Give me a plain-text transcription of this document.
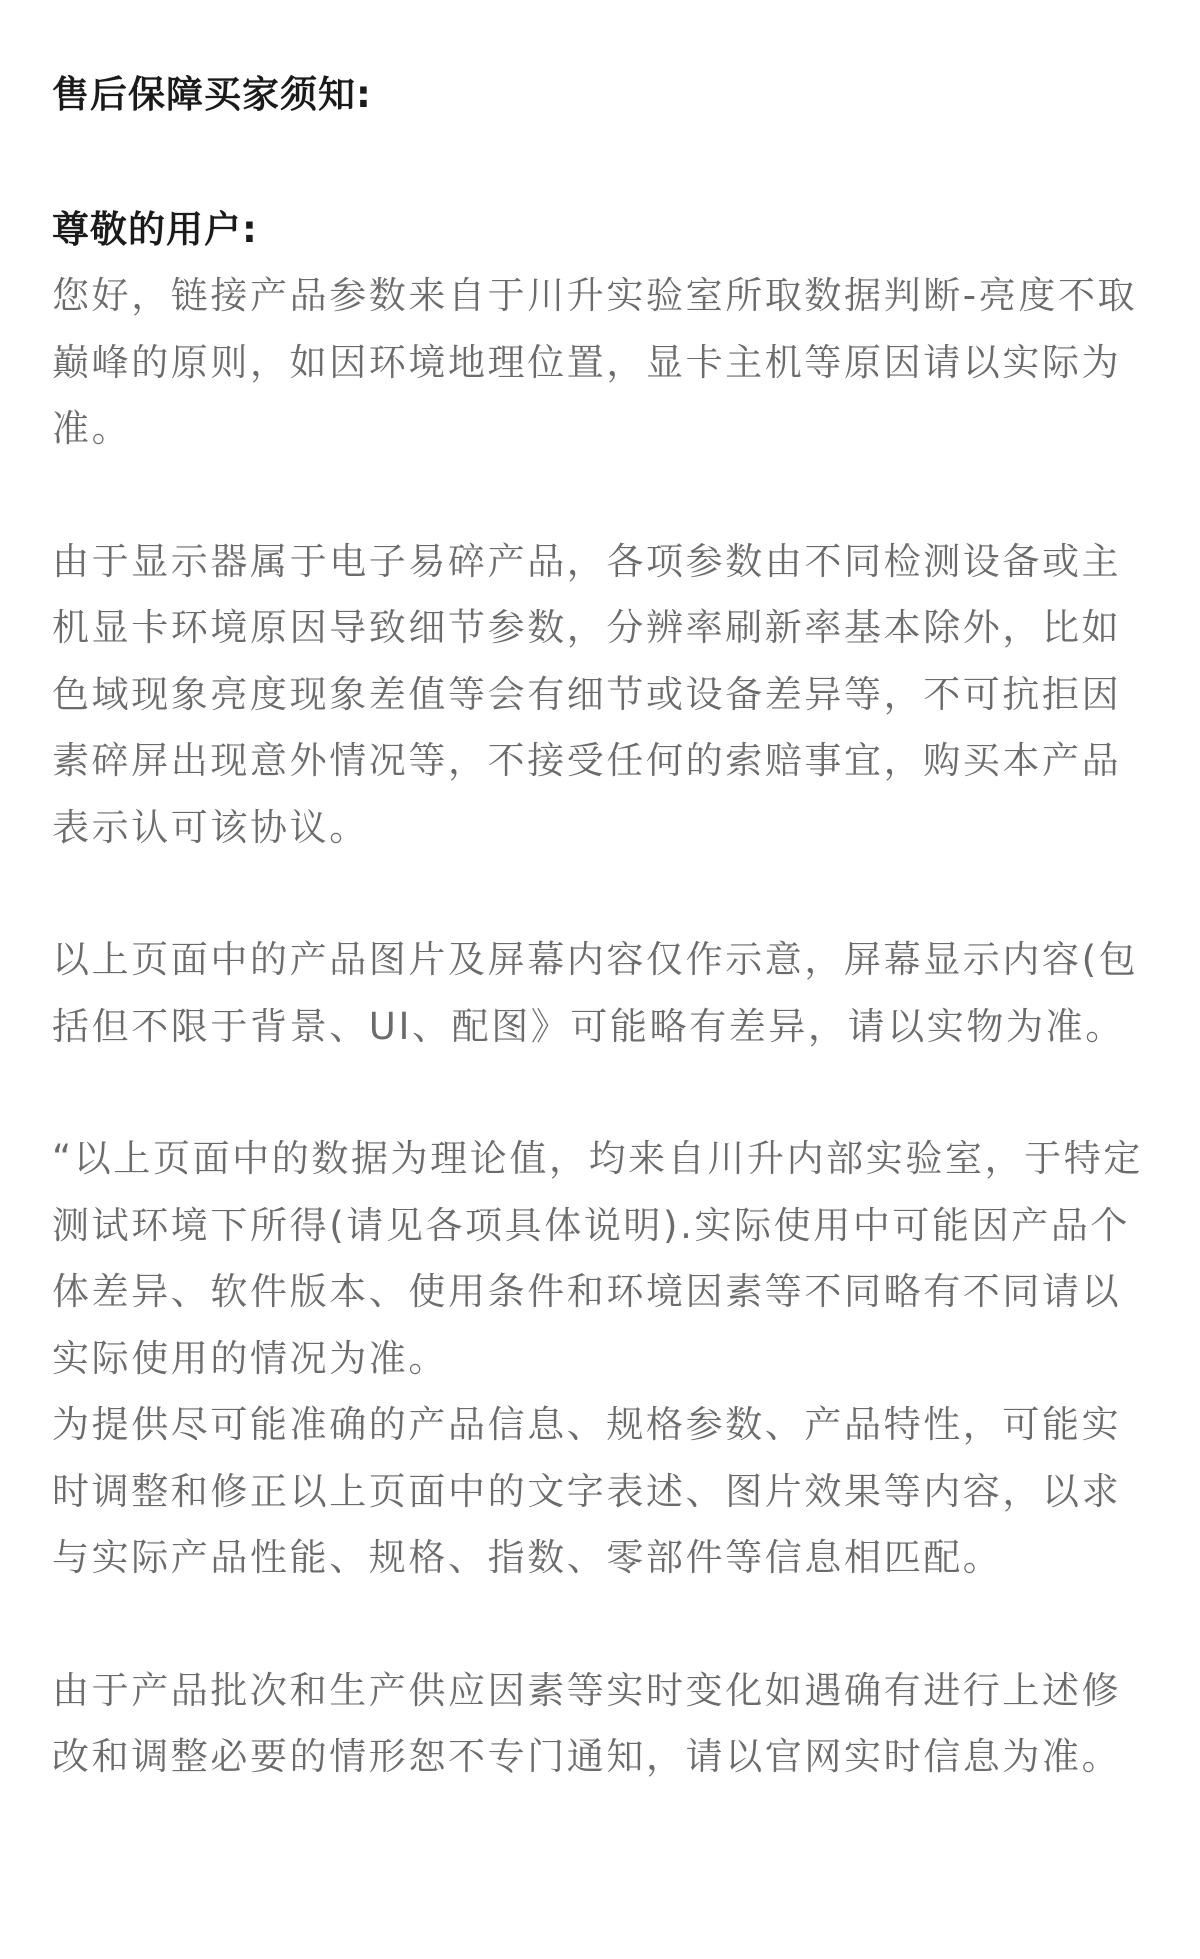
售后保障买家须知:

尊敬的用户:

您好，链接产品参数来自于川升实验室所取数据判断-亮度不取巅峰的原则，如因环境地理位置，显卡主机等原因请以实际为准。

由于显示器属于电子易碎产品，各项参数由不同检测设备或主机显卡环境原因导致细节参数，分辨率刷新率基本除外，比如色域现象亮度现象差值等会有细节或设备差异等，不可抗拒因素碎屏出现意外情况等，不接受任何的索赔事宜，购买本产品表示认可该协议。

以上页面中的产品图片及屏幕内容仅作示意，屏幕显示内容(包括但不限于背景、UI、配图》可能略有差异，请以实物为准。

“以上页面中的数据为理论值，均来自川升内部实验室，于特定测试环境下所得(请见各项具体说明).实际使用中可能因产品个体差异、软件版本、使用条件和环境因素等不同略有不同请以实际使用的情况为准。

为提供尽可能准确的产品信息、规格参数、产品特性，可能实时调整和修正以上页面中的文字表述、图片效果等内容，以求与实际产品性能、规格、指数、零部件等信息相匹配。

由于产品批次和生产供应因素等实时变化如遇确有进行上述修改和调整必要的情形恕不专门通知，请以官网实时信息为准。
